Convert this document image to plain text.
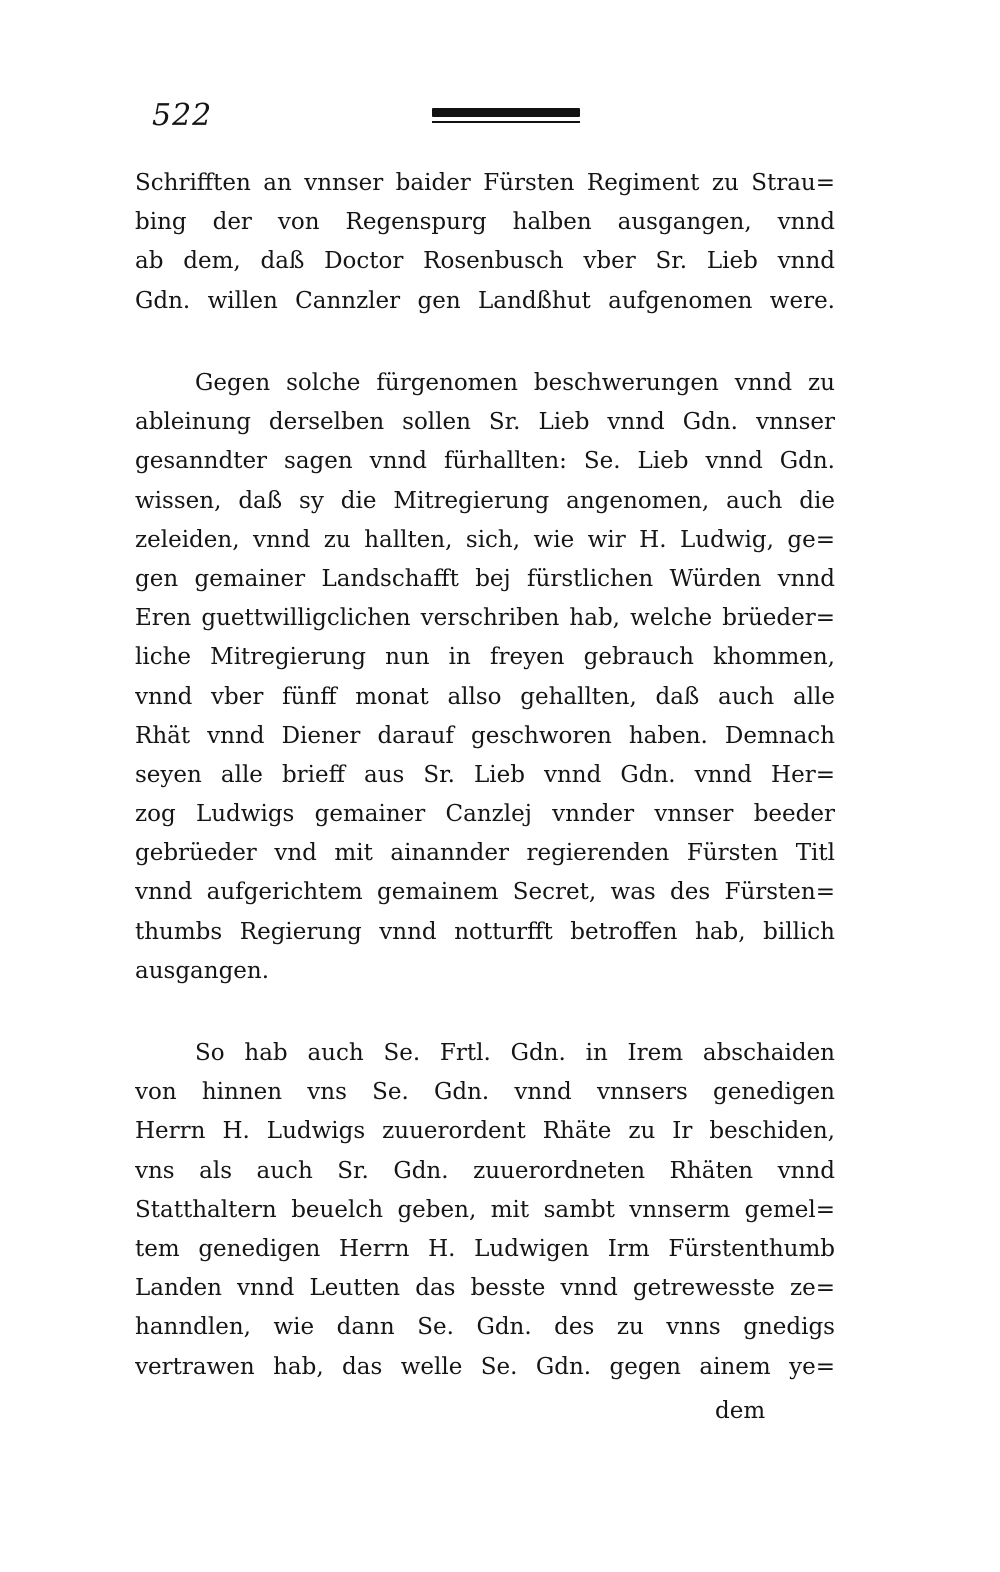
522
Schrifften an vnnser baider Fürsten Regiment zu Strau=
bing der von Regenspurg halben ausgangen, vnnd
ab dem, daß Doctor Rosenbusch vber Sr. Lieb vnnd
Gdn. willen Cannzler gen Landßhut aufgenomen were.
Gegen solche fürgenomen beschwerungen vnnd zu
ableinung derselben sollen Sr. Lieb vnnd Gdn. vnnser
gesanndter sagen vnnd fürhallten: Se. Lieb vnnd Gdn.
wissen, daß sy die Mitregierung angenomen, auch die
zeleiden, vnnd zu hallten, sich, wie wir H. Ludwig, ge=
gen gemainer Landschafft bej fürstlichen Würden vnnd
Eren guettwilligclichen verschriben hab, welche brüeder=
liche Mitregierung nun in freyen gebrauch khommen,
vnnd vber fünff monat allso gehallten, daß auch alle
Rhät vnnd Diener darauf geschworen haben. Demnach
seyen alle brieff aus Sr. Lieb vnnd Gdn. vnnd Her=
zog Ludwigs gemainer Canzlej vnnder vnnser beeder
gebrüeder vnd mit ainannder regierenden Fürsten Titl
vnnd aufgerichtem gemainem Secret, was des Fürsten=
thumbs Regierung vnnd notturfft betroffen hab, billich
ausgangen.
So hab auch Se. Frtl. Gdn. in Irem abschaiden
von hinnen vns Se. Gdn. vnnd vnnsers genedigen
Herrn H. Ludwigs zuuerordent Rhäte zu Ir beschiden,
vns als auch Sr. Gdn. zuuerordneten Rhäten vnnd
Statthaltern beuelch geben, mit sambt vnnserm gemel=
tem genedigen Herrn H. Ludwigen Irm Fürstenthumb
Landen vnnd Leutten das besste vnnd getrewesste ze=
hanndlen, wie dann Se. Gdn. des zu vnns gnedigs
vertrawen hab, das welle Se. Gdn. gegen ainem ye=
dem
